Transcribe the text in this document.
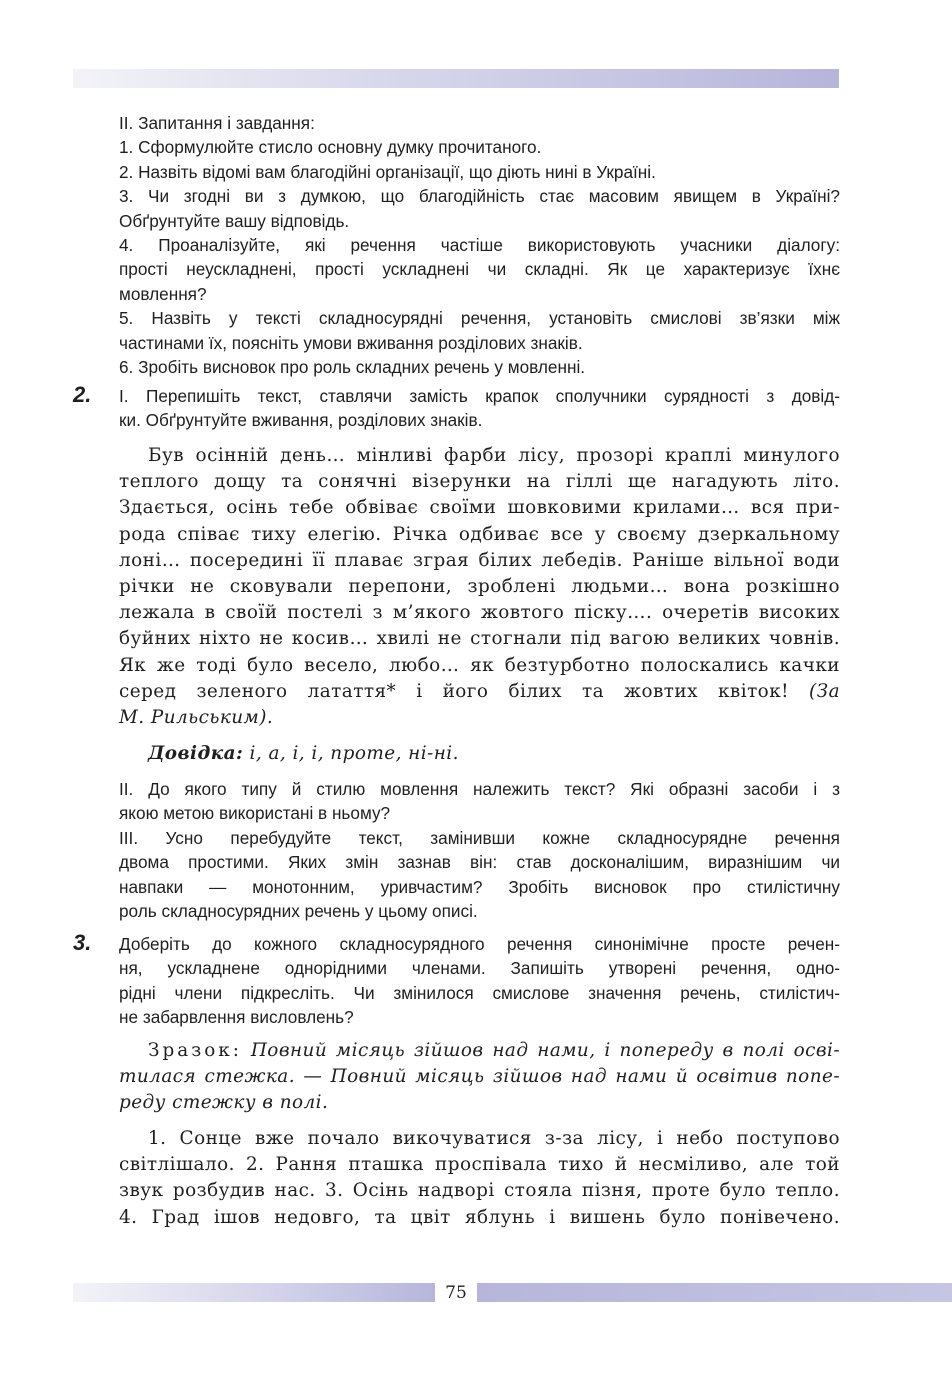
II. Запитання і завдання:
1. Сформулюйте стисло основну думку прочитаного.
2. Назвіть відомі вам благодійні організації, що діють нині в Україні.
3. Чи згодні ви з думкою, що благодійність стає масовим явищем в Україні?
Обґрунтуйте вашу відповідь.
4. Проаналізуйте, які речення частіше використовують учасники діалогу:
прості неускладнені, прості ускладнені чи складні. Як це характеризує їхнє
мовлення?
5. Назвіть у тексті складносурядні речення, установіть смислові зв’язки між
частинами їх, поясніть умови вживання розділових знаків.
6. Зробіть висновок про роль складних речень у мовленні.
2. I. Перепишіть текст, ставлячи замість крапок сполучники сурядності з довід-
ки. Обґрунтуйте вживання, розділових знаків.
Був осінній день… мінливі фарби лісу, прозорі краплі минулого
теплого дощу та сонячні візерунки на гіллі ще нагадують літо.
Здається, осінь тебе обвіває своїми шовковими крилами… вся при-
рода співає тиху елегію. Річка одбиває все у своєму дзеркальному
лоні… посередині її плаває зграя білих лебедів. Раніше вільної води
річки не сковували перепони, зроблені людьми… вона розкішно
лежала в своїй постелі з м’якого жовтого піску…. очеретів високих
буйних ніхто не косив… хвилі не стогнали під вагою великих човнів.
Як же тоді було весело, любо… як безтурботно полоскались качки
серед зеленого латаття* і його білих та жовтих квіток! (За
М. Рильським).
Довідка: і, а, і, і, проте, ні-ні.
II. До якого типу й стилю мовлення належить текст? Які образні засоби і з
якою метою використані в ньому?
III. Усно перебудуйте текст, замінивши кожне складносурядне речення
двома простими. Яких змін зазнав він: став досконалішим, виразнішим чи
навпаки — монотонним, уривчастим? Зробіть висновок про стилістичну
роль складносурядних речень у цьому описі.
3. Доберіть до кожного складносурядного речення синонімічне просте речен-
ня, ускладнене однорідними членами. Запишіть утворені речення, одно-
рідні члени підкресліть. Чи змінилося смислове значення речень, стилістич-
не забарвлення висловлень?
Зразок: Повний місяць зійшов над нами, і попереду в полі осві-
тилася стежка. — Повний місяць зійшов над нами й освітив попе-
реду стежку в полі.
1. Сонце вже почало викочуватися з-за лісу, і небо поступово
світлішало. 2. Рання пташка проспівала тихо й несміливо, але той
звук розбудив нас. 3. Осінь надворі стояла пізня, проте було тепло.
4. Град ішов недовго, та цвіт яблунь і вишень було понівечено.
75
